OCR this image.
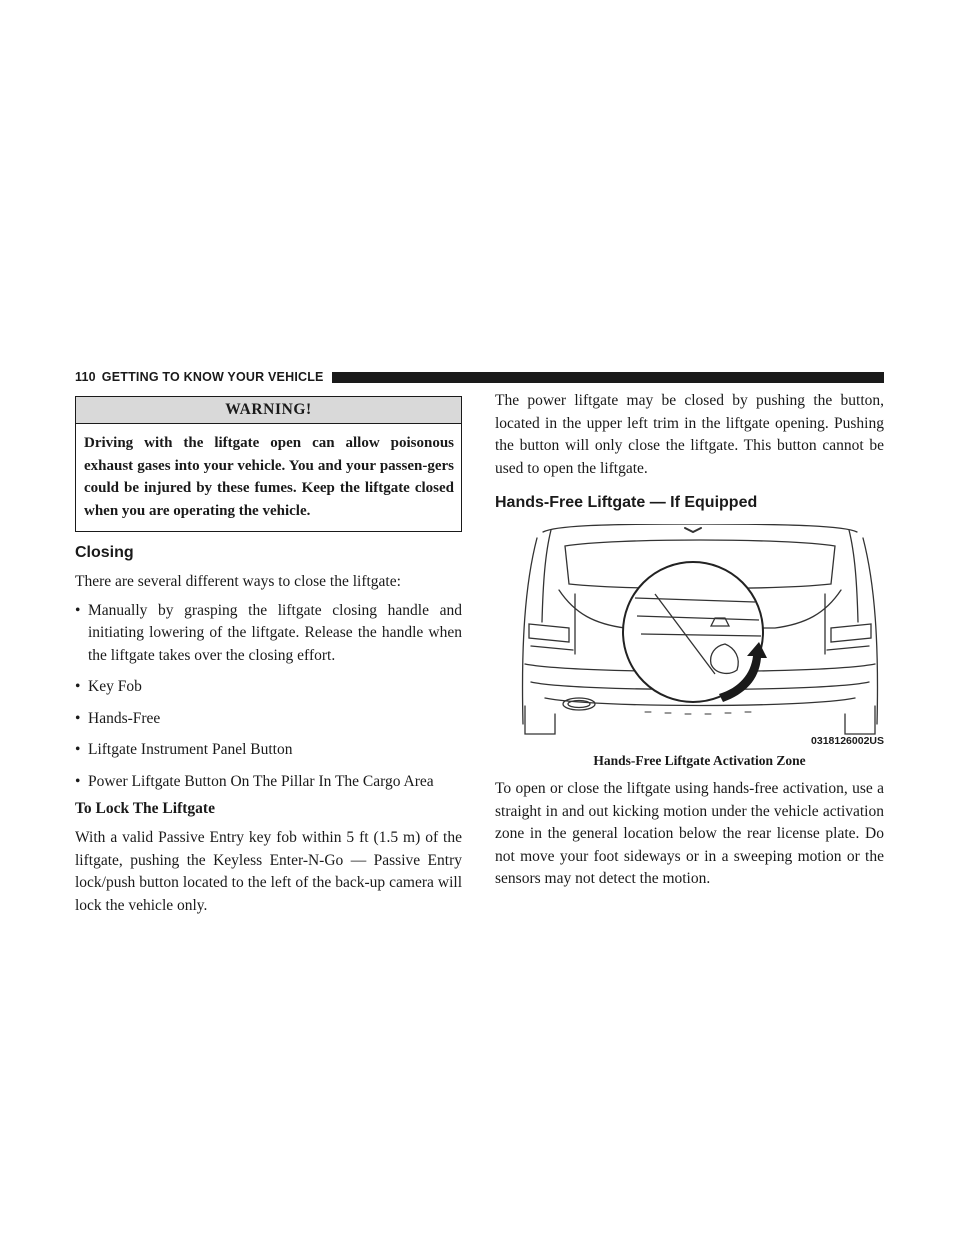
110 GETTING TO KNOW YOUR VEHICLE
WARNING!
Driving with the liftgate open can allow poisonous exhaust gases into your vehicle. You and your passen-gers could be injured by these fumes. Keep the liftgate closed when you are operating the vehicle.
Closing

There are several different ways to close the liftgate:

• Manually by grasping the liftgate closing handle and initiating lowering of the liftgate. Release the handle when the liftgate takes over the closing effort.
• Key Fob
• Hands-Free
• Liftgate Instrument Panel Button
• Power Liftgate Button On The Pillar In The Cargo Area
To Lock The Liftgate

With a valid Passive Entry key fob within 5 ft (1.5 m) of the liftgate, pushing the Keyless Enter-N-Go — Passive Entry lock/push button located to the left of the back-up camera will lock the vehicle only.

The power liftgate may be closed by pushing the button, located in the upper left trim in the liftgate opening. Pushing the button will only close the liftgate. This button cannot be used to open the liftgate.

Hands-Free Liftgate — If Equipped
0318126002US
Hands-Free Liftgate Activation Zone

To open or close the liftgate using hands-free activation, use a straight in and out kicking motion under the vehicle activation zone in the general location below the rear license plate. Do not move your foot sideways or in a sweeping motion or the sensors may not detect the motion.
